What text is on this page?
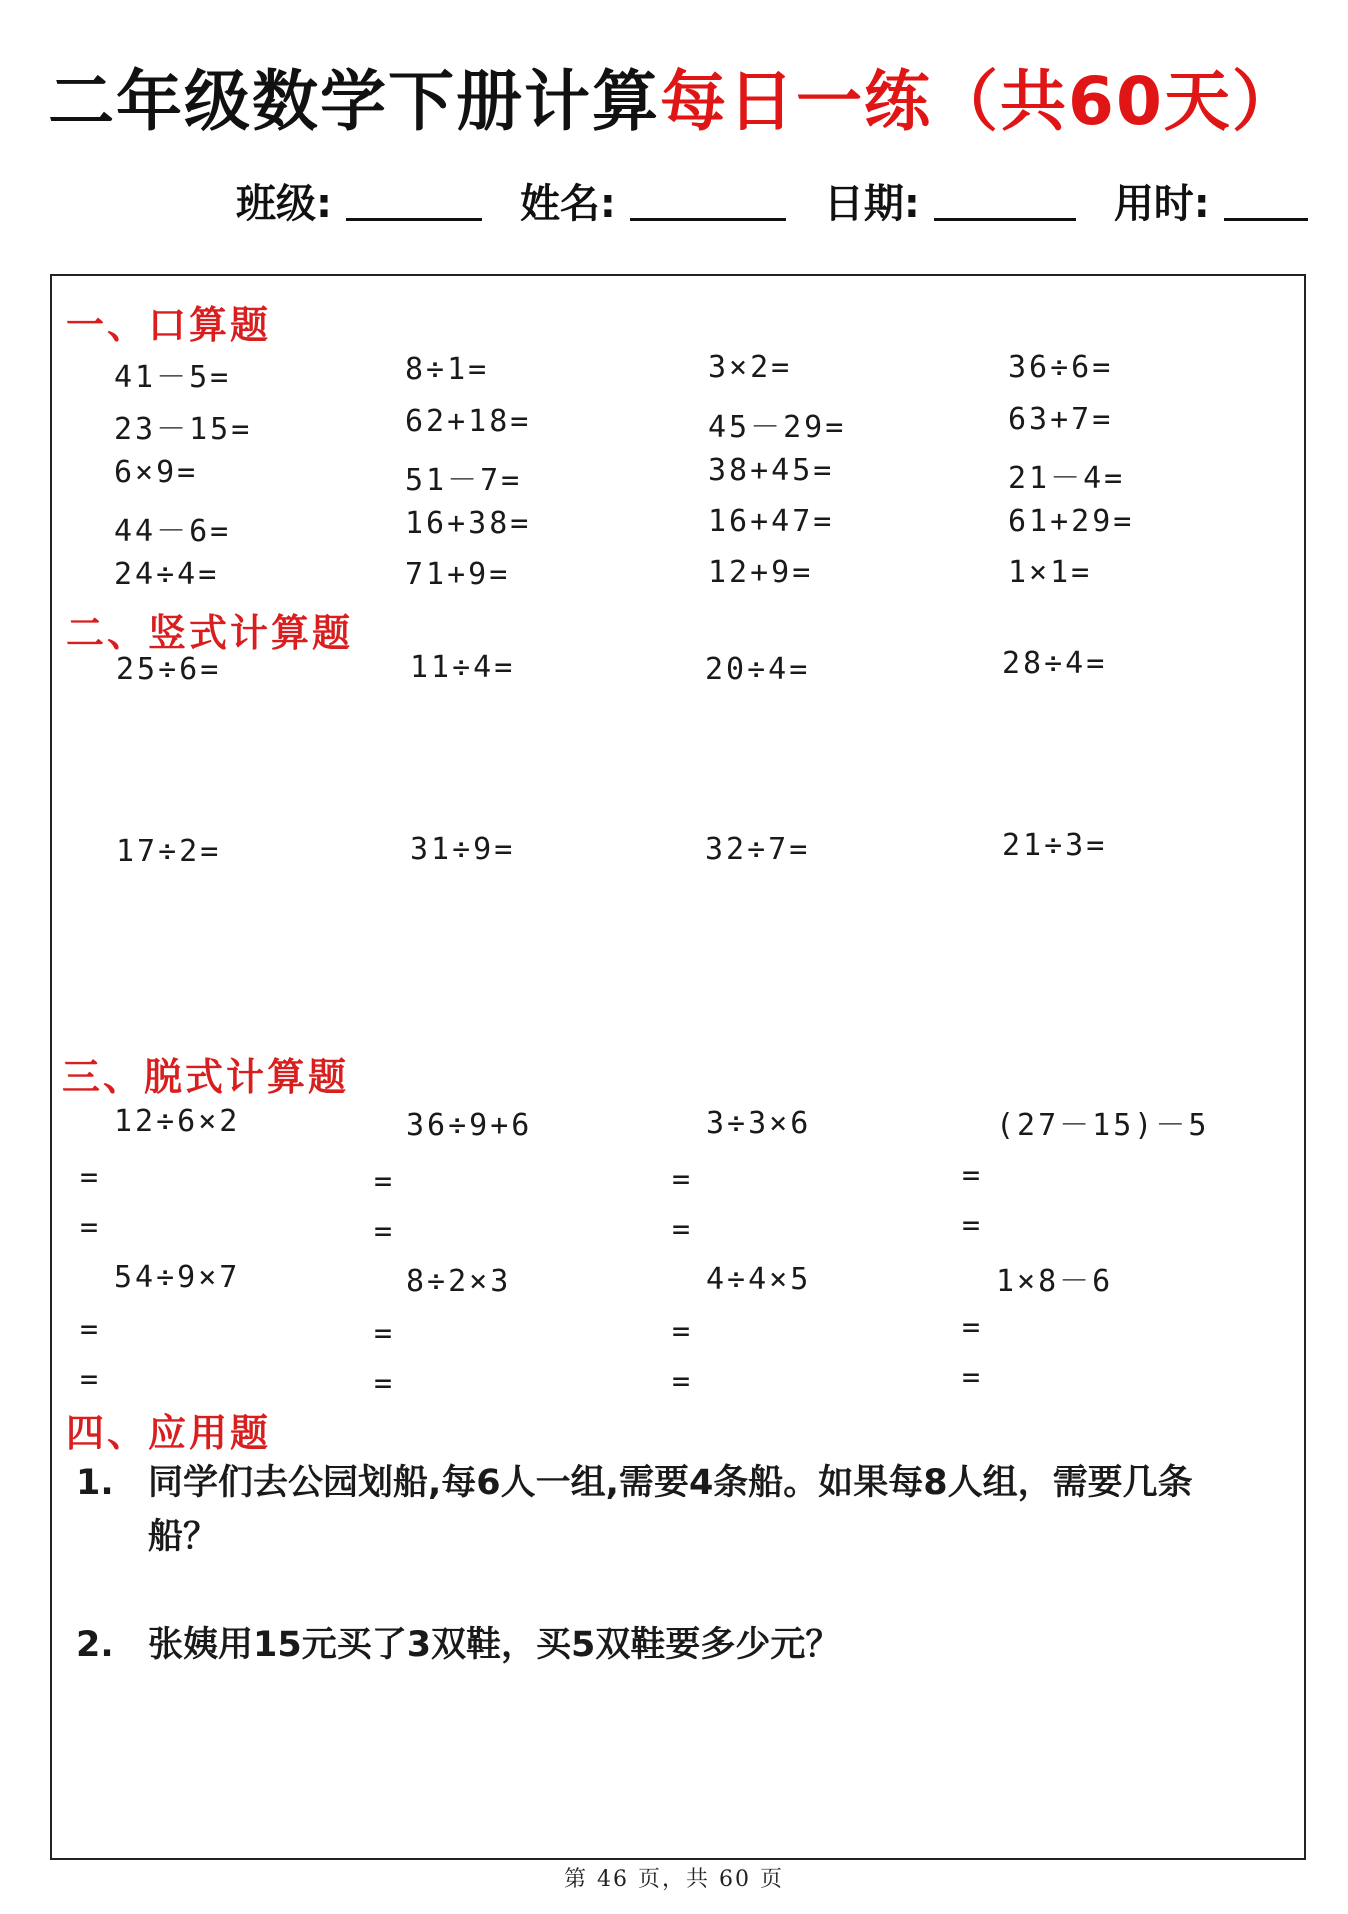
二年级数学下册计算每日一练（共60天）
班级:	姓名:	日期:	用时:
一、口算题
41－5=	8÷1=	3×2=	36÷6=
23－15=	62+18=	45－29=	63+7=
6×9=	51－7=	38+45=	21－4=
44－6=	16+38=	16+47=	61+29=
24÷4=	71+9=	12+9=	1×1=
二、竖式计算题
25÷6=	11÷4=	20÷4=	28÷4=
17÷2=	31÷9=	32÷7=	21÷3=
三、脱式计算题
12÷6×2	36÷9+6	3÷3×6	(27－15)－5
=	=	=	=
=	=	=	=
54÷9×7	8÷2×3	4÷4×5	1×8－6
=	=	=	=
=	=	=	=
四、应用题
1. 同学们去公园划船,每6人一组,需要4条船。如果每8人组，需要几条船？
2. 张姨用15元买了3双鞋，买5双鞋要多少元？
第 46 页，共 60 页
